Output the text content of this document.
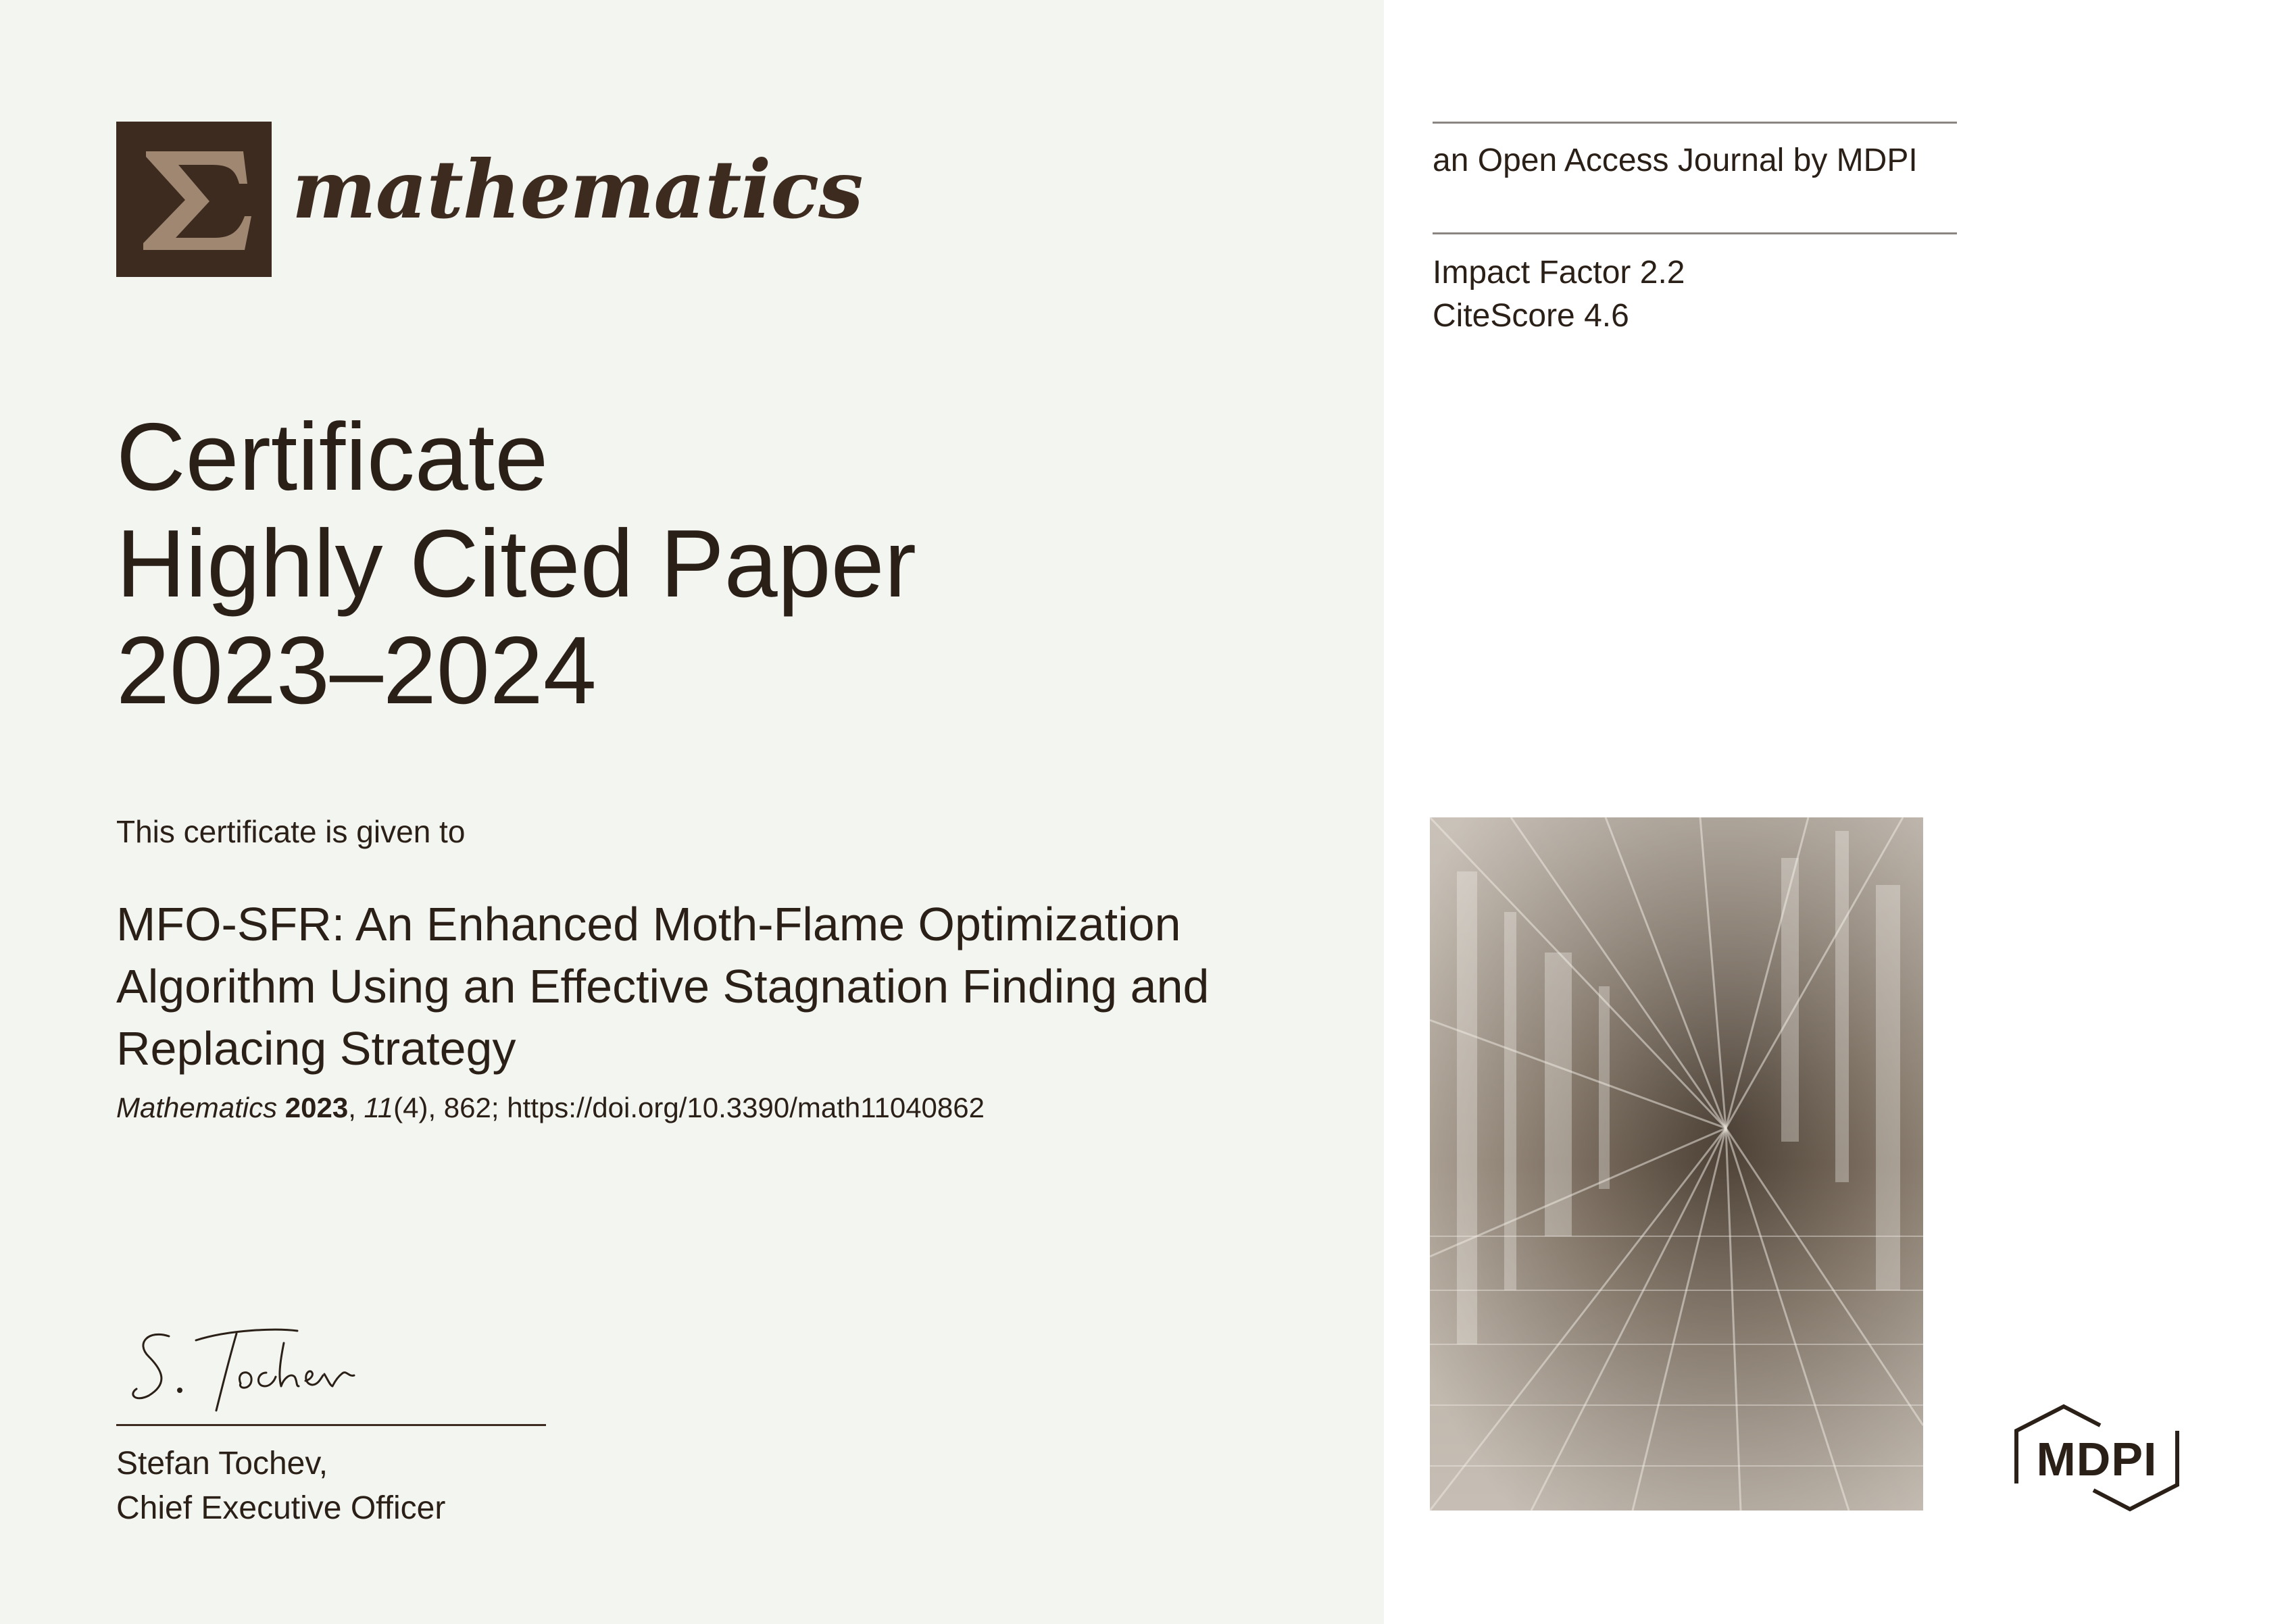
mathematics
Certificate
Highly Cited Paper
2023–2024
This certificate is given to
MFO-SFR: An Enhanced Moth-Flame Optimization Algorithm Using an Effective Stagnation Finding and Replacing Strategy
Mathematics 2023, 11(4), 862; https://doi.org/10.3390/math11040862
Stefan Tochev,
Chief Executive Officer
an Open Access Journal by MDPI
Impact Factor 2.2
CiteScore 4.6
MDPI
